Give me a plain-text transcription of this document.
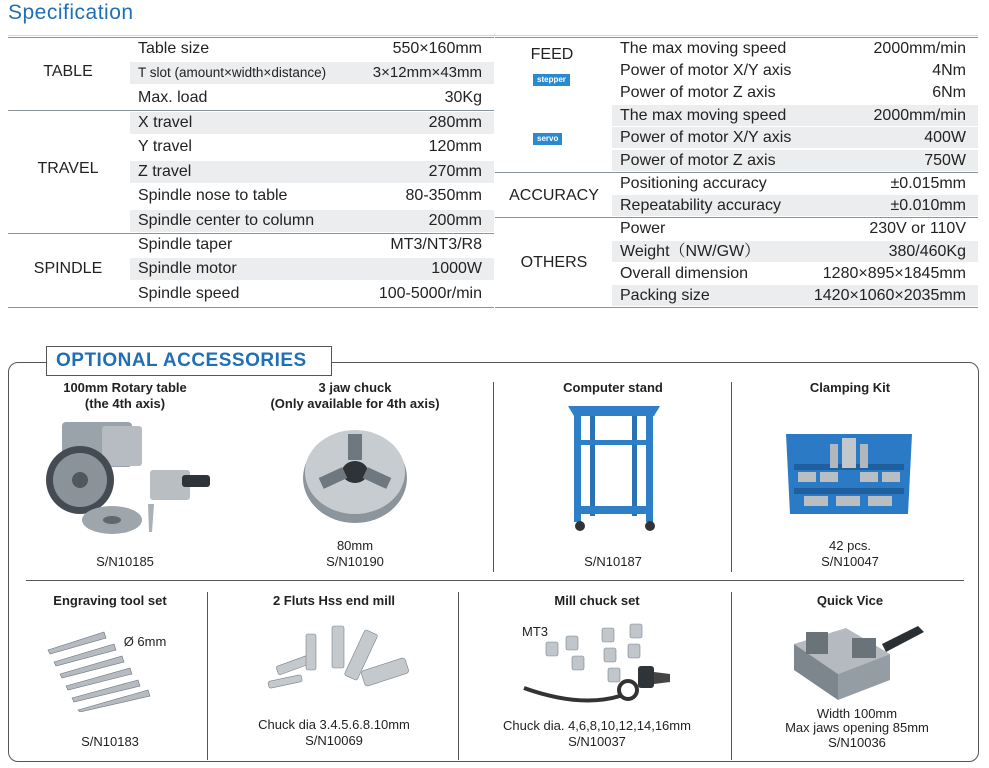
Specification
TABLE
Table size	550×160mm
T slot (amount×width×distance)	3×12mm×43mm
Max. load	30Kg
TRAVEL
X travel	280mm
Y travel	120mm
Z travel	270mm
Spindle nose to table	80-350mm
Spindle center to column	200mm
SPINDLE
Spindle taper	MT3/NT3/R8
Spindle motor	1000W
Spindle speed	100-5000r/min
FEED
stepper
servo
The max moving speed	2000mm/min
Power of motor X/Y axis	4Nm
Power of motor Z axis	6Nm
The max moving speed	2000mm/min
Power of motor X/Y axis	400W
Power of motor Z axis	750W
ACCURACY
Positioning accuracy	±0.015mm
Repeatability accuracy	±0.010mm
OTHERS
Power	230V or 110V
Weight（NW/GW）	380/460Kg
Overall dimension	1280×895×1845mm
Packing size	1420×1060×2035mm
OPTIONAL ACCESSORIES
100mm Rotary table
(the 4th axis)
S/N10185
3 jaw chuck
(Only available for 4th axis)
80mm
S/N10190
Computer stand
S/N10187
Clamping Kit
42 pcs.
S/N10047
Engraving tool set
Ø 6mm
S/N10183
2 Fluts Hss end mill
Chuck dia 3.4.5.6.8.10mm
S/N10069
Mill chuck set
MT3
Chuck dia. 4,6,8,10,12,14,16mm
S/N10037
Quick Vice
Width 100mm
Max jaws opening 85mm
S/N10036
